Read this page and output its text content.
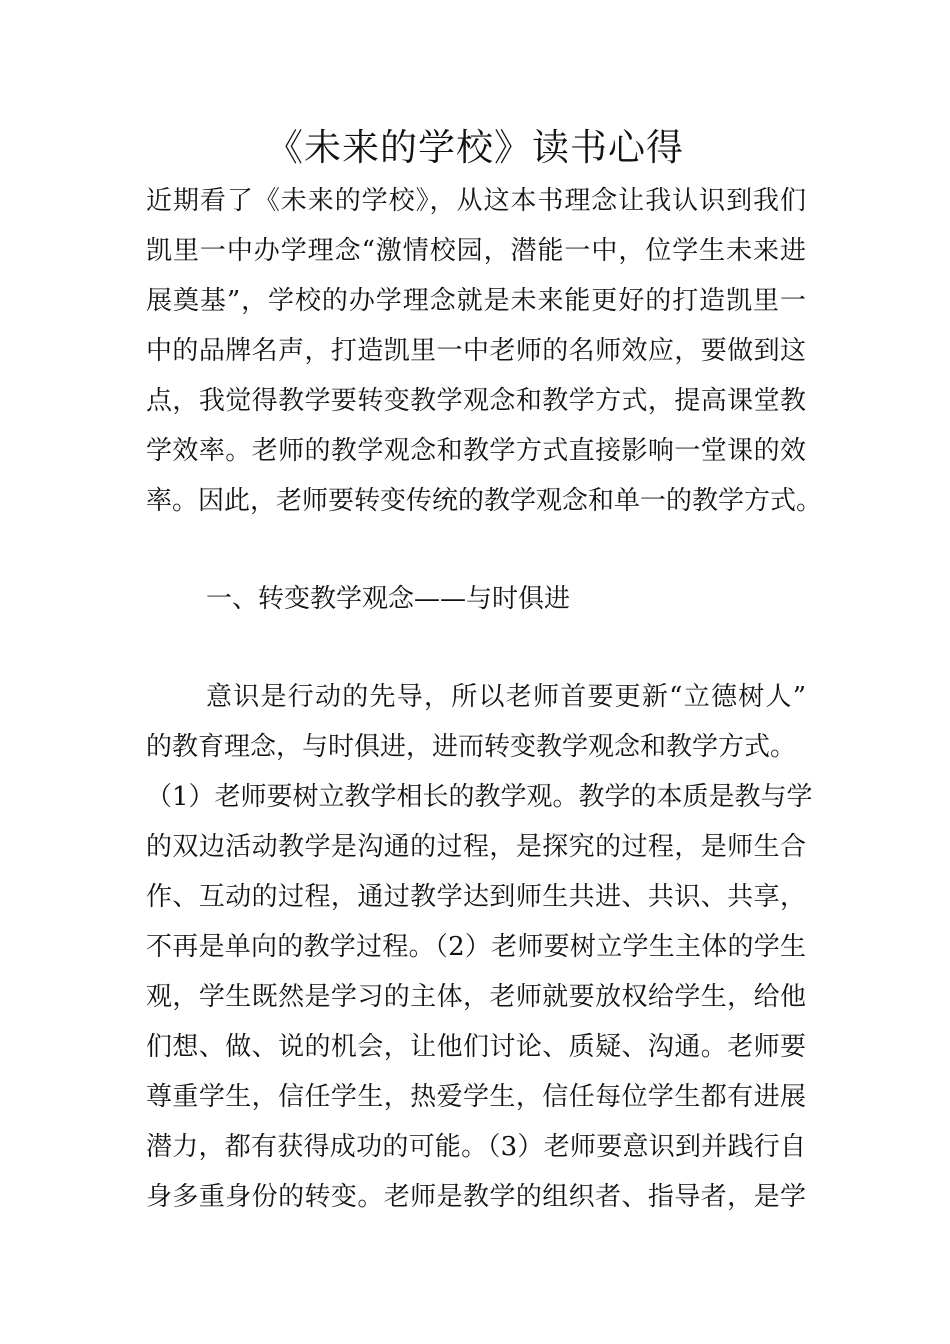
《未来的学校》读书心得
近期看了《未来的学校》，从这本书理念让我认识到我们
凯里一中办学理念“激情校园，潜能一中，位学生未来进
展奠基”，学校的办学理念就是未来能更好的打造凯里一
中的品牌名声，打造凯里一中老师的名师效应，要做到这
点，我觉得教学要转变教学观念和教学方式，提高课堂教
学效率。老师的教学观念和教学方式直接影响一堂课的效
率。因此，老师要转变传统的教学观念和单一的教学方式。
一、转变教学观念——与时俱进
意识是行动的先导，所以老师首要更新“立德树人”
的教育理念，与时俱进，进而转变教学观念和教学方式。
（1）老师要树立教学相长的教学观。教学的本质是教与学
的双边活动教学是沟通的过程，是探究的过程，是师生合
作、互动的过程，通过教学达到师生共进、共识、共享，
不再是单向的教学过程。（2）老师要树立学生主体的学生
观，学生既然是学习的主体，老师就要放权给学生，给他
们想、做、说的机会，让他们讨论、质疑、沟通。老师要
尊重学生，信任学生，热爱学生，信任每位学生都有进展
潜力，都有获得成功的可能。（3）老师要意识到并践行自
身多重身份的转变。老师是教学的组织者、指导者，是学
